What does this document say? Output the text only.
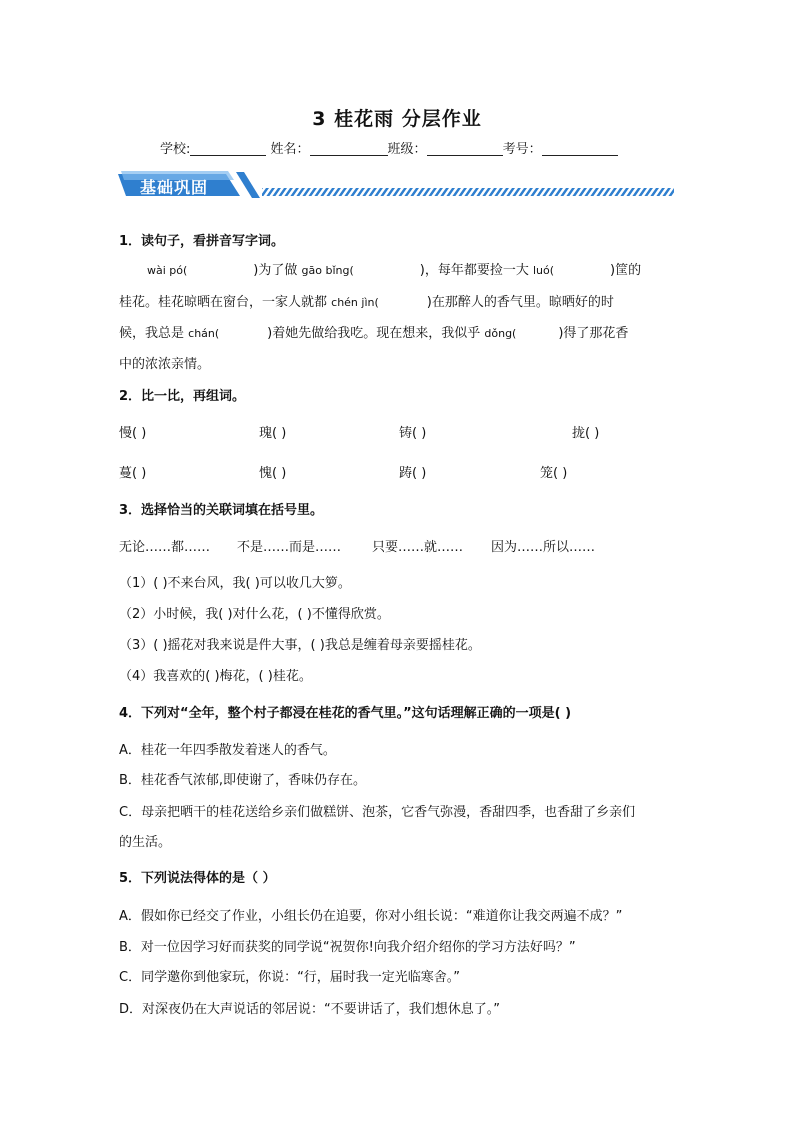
3 桂花雨 分层作业
学校:	姓名：	班级：	考号：
基础巩固
1．读句子，看拼音写字词。
wài pó(	)为了做 gāo bǐng(	)，每年都要捡一大 luó(	)筐的
桂花。桂花晾晒在窗台，一家人就都 chén jìn(	)在那醉人的香气里。晾晒好的时
候，我总是 chán(	)着她先做给我吃。现在想来，我似乎 dǒng(	)得了那花香
中的浓浓亲情。
2．比一比，再组词。
慢( )	瑰( )	铸( )	拢( )
蔓( )	愧( )	踌( )	笼( )
3．选择恰当的关联词填在括号里。
无论……都…… 不是……而是…… 只要……就…… 因为……所以……
（1）( )不来台风，我( )可以收几大箩。
（2）小时候，我( )对什么花，( )不懂得欣赏。
（3）( )摇花对我来说是件大事，( )我总是缠着母亲要摇桂花。
（4）我喜欢的( )梅花，( )桂花。
4．下列对“全年，整个村子都浸在桂花的香气里。”这句话理解正确的一项是( )
A．桂花一年四季散发着迷人的香气。
B．桂花香气浓郁,即使谢了，香味仍存在。
C．母亲把晒干的桂花送给乡亲们做糕饼、泡茶，它香气弥漫，香甜四季，也香甜了乡亲们
的生活。
5．下列说法得体的是（ ）
A．假如你已经交了作业，小组长仍在追要，你对小组长说：“难道你让我交两遍不成？”
B．对一位因学习好而获奖的同学说“祝贺你!向我介绍介绍你的学习方法好吗？”
C．同学邀你到他家玩，你说：“行，届时我一定光临寒舍。”
D．对深夜仍在大声说话的邻居说：“不要讲话了，我们想休息了。”
